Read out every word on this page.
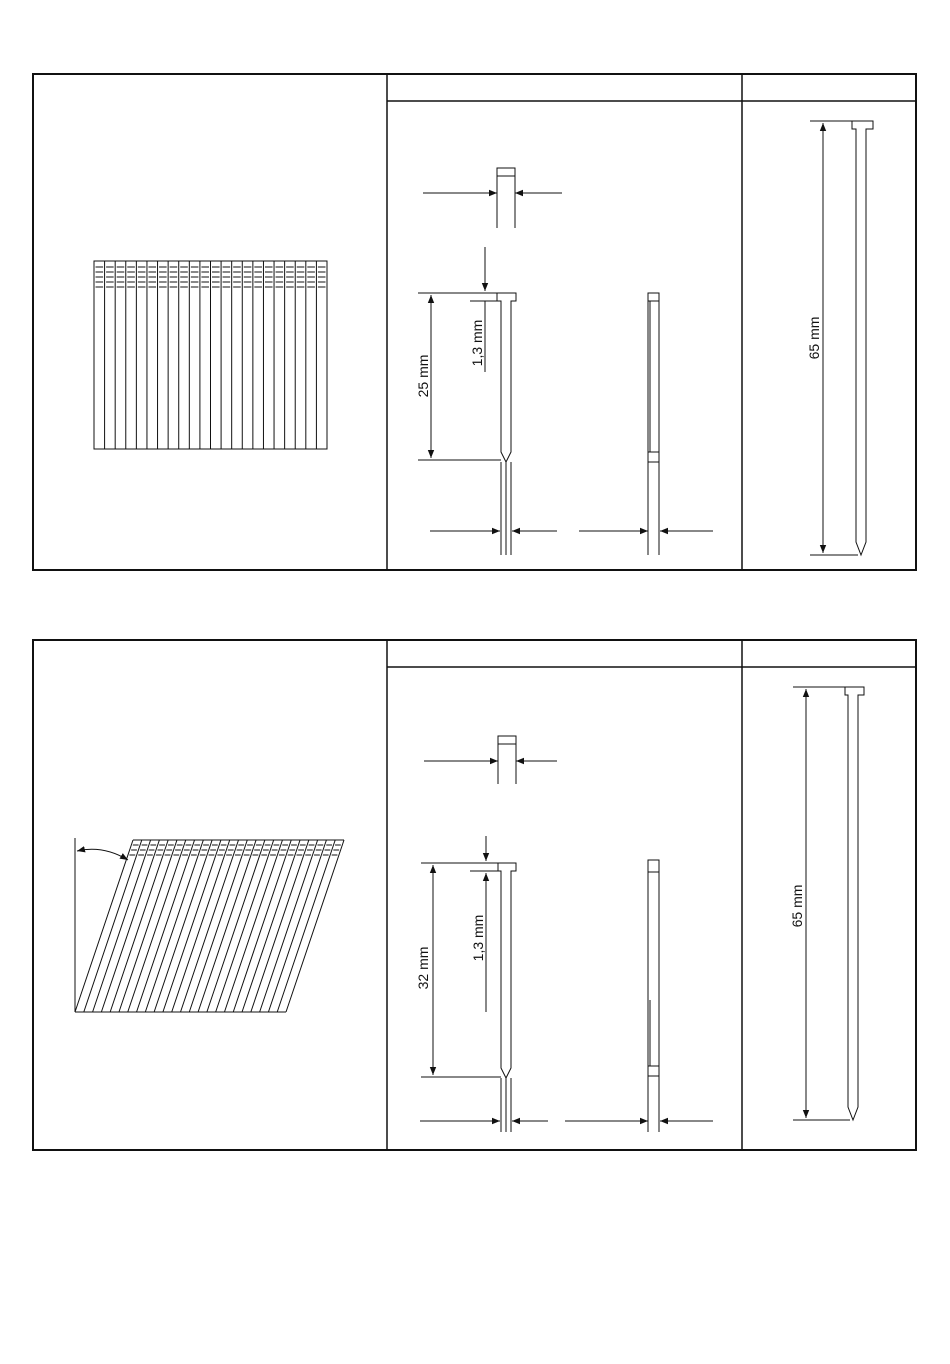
1,3 mm
25 mm
65 mm
1,3 mm
32 mm
65 mm
